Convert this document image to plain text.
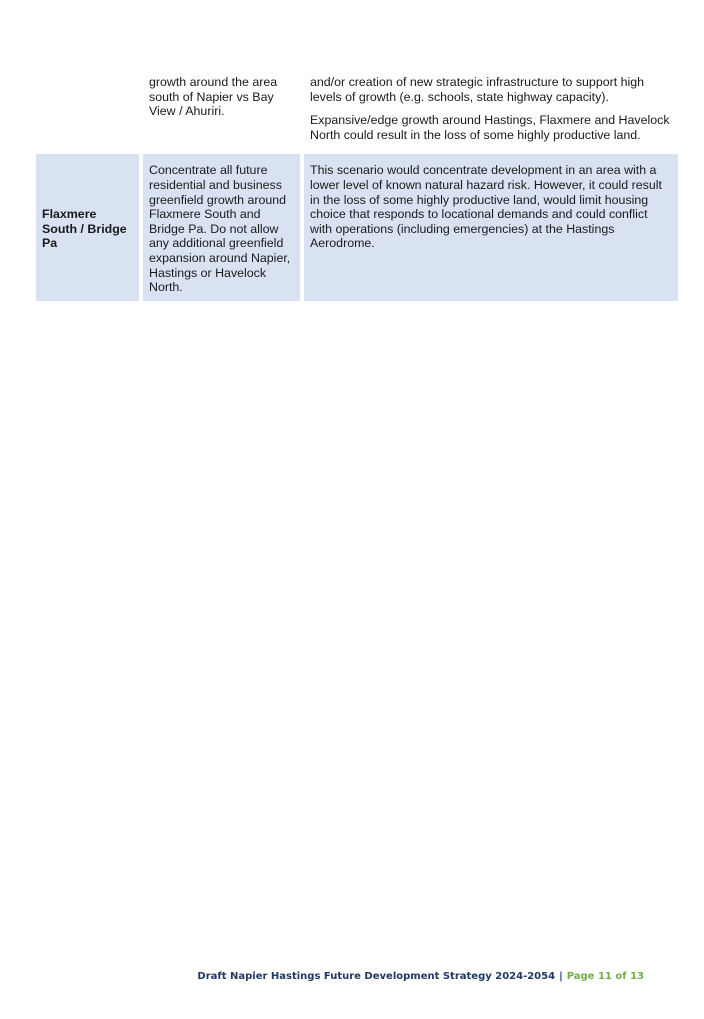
growth around the area south of Napier vs Bay View / Ahuriri.

and/or creation of new strategic infrastructure to support high levels of growth (e.g. schools, state highway capacity).

Expansive/edge growth around Hastings, Flaxmere and Havelock North could result in the loss of some highly productive land.

Flaxmere South / Bridge Pa
Concentrate all future residential and business greenfield growth around Flaxmere South and Bridge Pa. Do not allow any additional greenfield expansion around Napier, Hastings or Havelock North.
This scenario would concentrate development in an area with a lower level of known natural hazard risk. However, it could result in the loss of some highly productive land, would limit housing choice that responds to locational demands and could conflict with operations (including emergencies) at the Hastings Aerodrome.
Draft Napier Hastings Future Development Strategy 2024-2054 | Page 11 of 13
